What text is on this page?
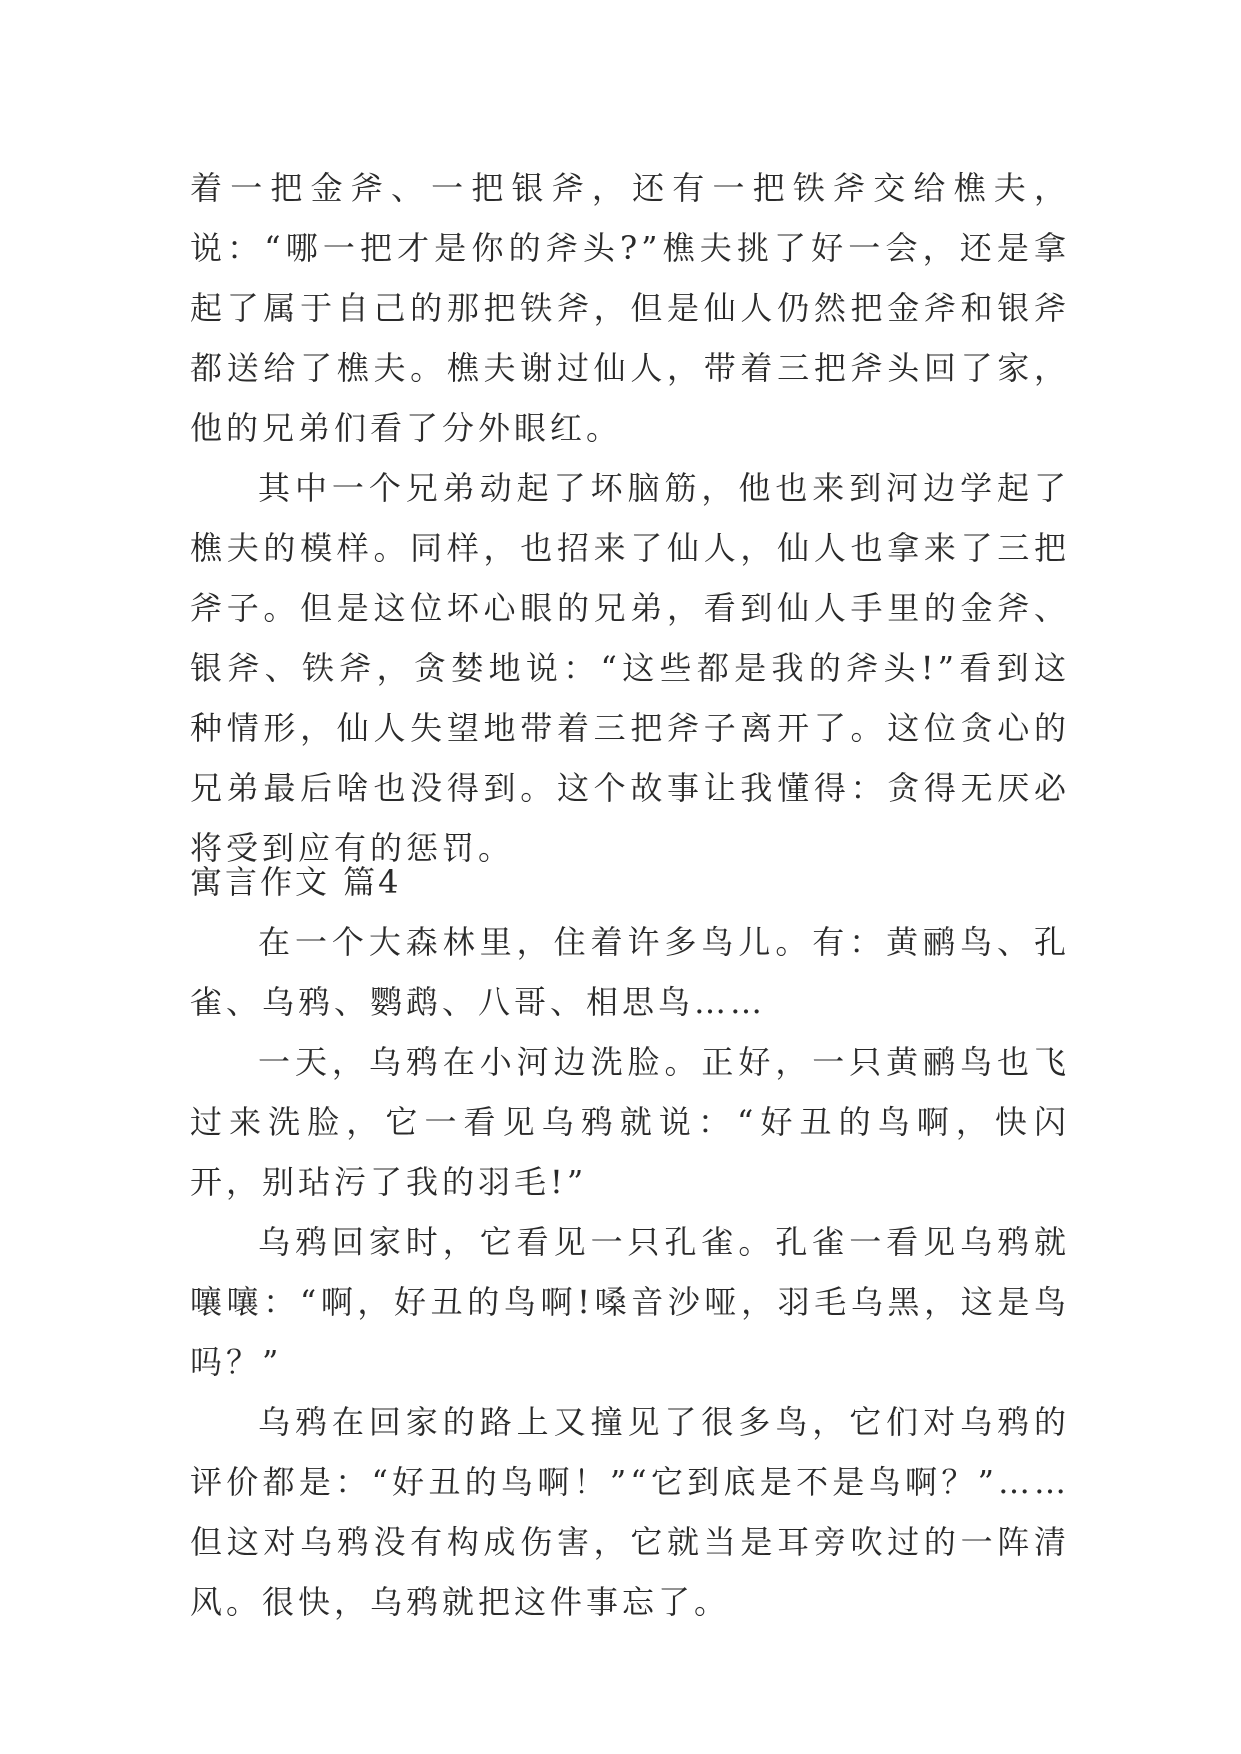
着一把金斧、一把银斧，还有一把铁斧交给樵夫，说：“哪一把才是你的斧头?”樵夫挑了好一会，还是拿起了属于自己的那把铁斧，但是仙人仍然把金斧和银斧都送给了樵夫。樵夫谢过仙人，带着三把斧头回了家，他的兄弟们看了分外眼红。

其中一个兄弟动起了坏脑筋，他也来到河边学起了樵夫的模样。同样，也招来了仙人，仙人也拿来了三把斧子。但是这位坏心眼的兄弟，看到仙人手里的金斧、银斧、铁斧，贪婪地说：“这些都是我的斧头!”看到这种情形，仙人失望地带着三把斧子离开了。这位贪心的兄弟最后啥也没得到。这个故事让我懂得：贪得无厌必将受到应有的惩罚。

寓言作文 篇4

在一个大森林里，住着许多鸟儿。有：黄鹂鸟、孔雀、乌鸦、鹦鹉、八哥、相思鸟……

一天，乌鸦在小河边洗脸。正好，一只黄鹂鸟也飞过来洗脸，它一看见乌鸦就说：“好丑的鸟啊，快闪开，别玷污了我的羽毛!”

乌鸦回家时，它看见一只孔雀。孔雀一看见乌鸦就嚷嚷：“啊，好丑的鸟啊!嗓音沙哑，羽毛乌黑，这是鸟吗？”

乌鸦在回家的路上又撞见了很多鸟，它们对乌鸦的评价都是：“好丑的鸟啊！”“它到底是不是鸟啊？”……但这对乌鸦没有构成伤害，它就当是耳旁吹过的一阵清风。很快，乌鸦就把这件事忘了。
